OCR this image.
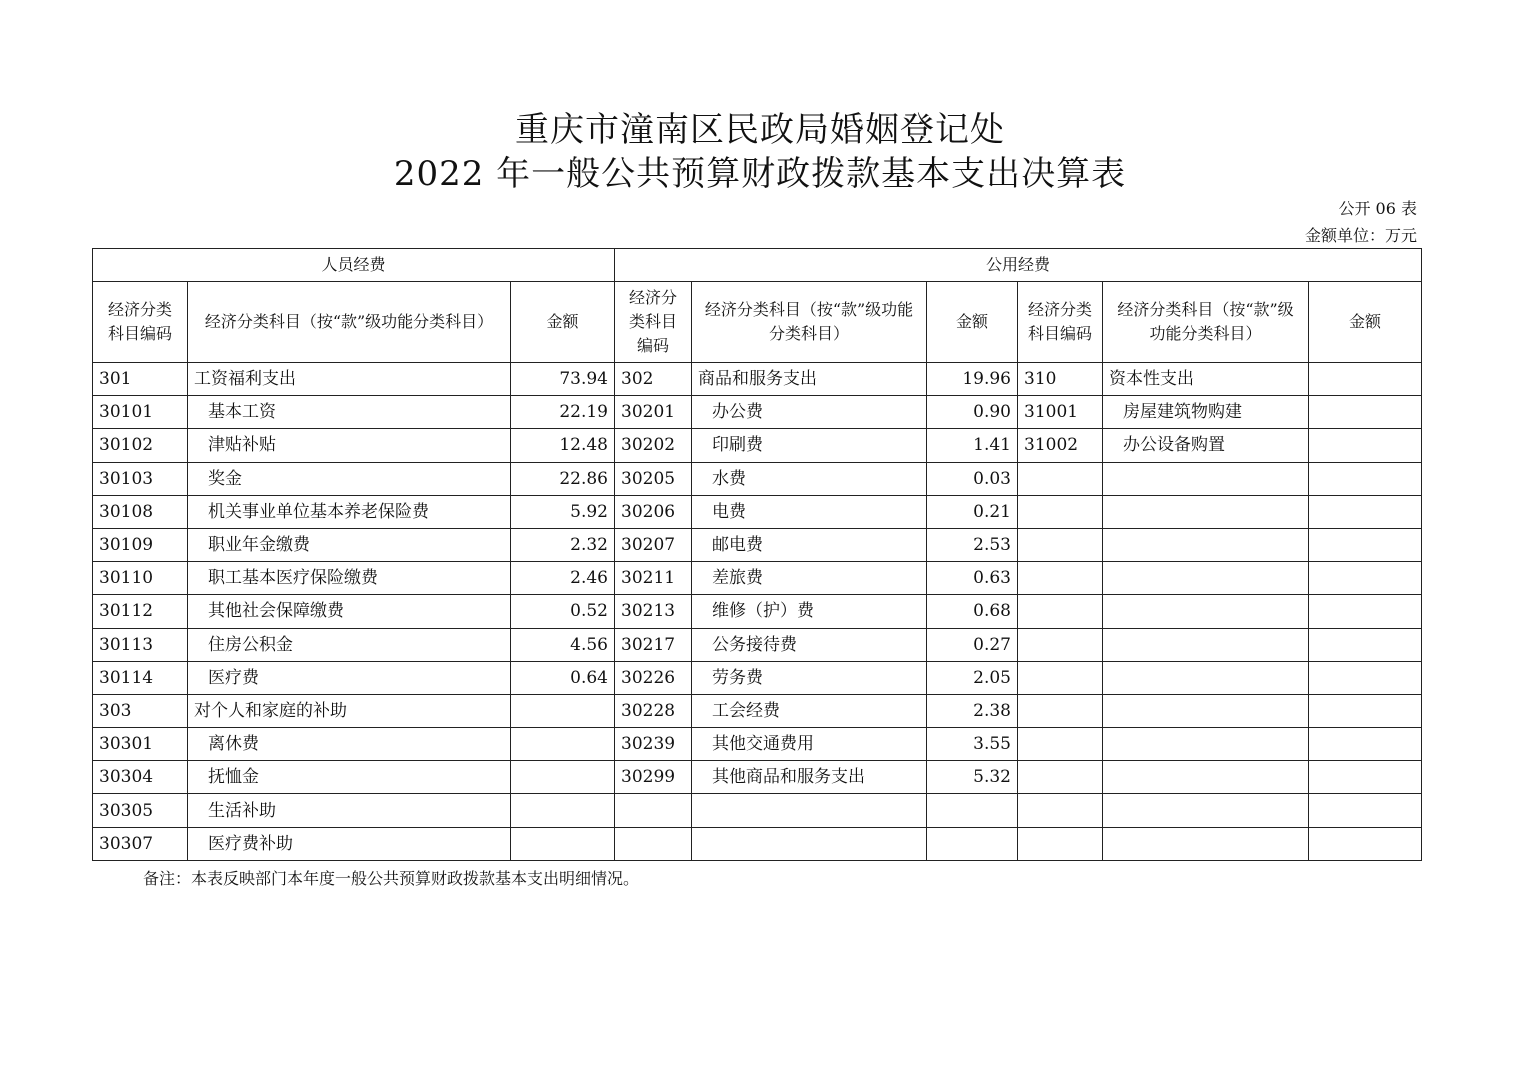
重庆市潼南区民政局婚姻登记处
2022 年一般公共预算财政拨款基本支出决算表
公开 06 表
金额单位：万元
人员经费			公用经费					
经济分类科目编码	经济分类科目（按“款”级功能分类科目）	金额	经济分类科目编码	经济分类科目（按“款”级功能分类科目）	金额	经济分类科目编码	经济分类科目（按“款”级功能分类科目）	金额
301	工资福利支出	73.94	302	商品和服务支出	19.96	310	资本性支出	
30101	基本工资	22.19	30201	办公费	0.90	31001	房屋建筑物购建	
30102	津贴补贴	12.48	30202	印刷费	1.41	31002	办公设备购置	
30103	奖金	22.86	30205	水费	0.03			
30108	机关事业单位基本养老保险费	5.92	30206	电费	0.21			
30109	职业年金缴费	2.32	30207	邮电费	2.53			
30110	职工基本医疗保险缴费	2.46	30211	差旅费	0.63			
30112	其他社会保障缴费	0.52	30213	维修（护）费	0.68			
30113	住房公积金	4.56	30217	公务接待费	0.27			
30114	医疗费	0.64	30226	劳务费	2.05			
303	对个人和家庭的补助		30228	工会经费	2.38			
30301	离休费		30239	其他交通费用	3.55			
30304	抚恤金		30299	其他商品和服务支出	5.32			
30305	生活补助							
30307	医疗费补助							
备注：本表反映部门本年度一般公共预算财政拨款基本支出明细情况。
